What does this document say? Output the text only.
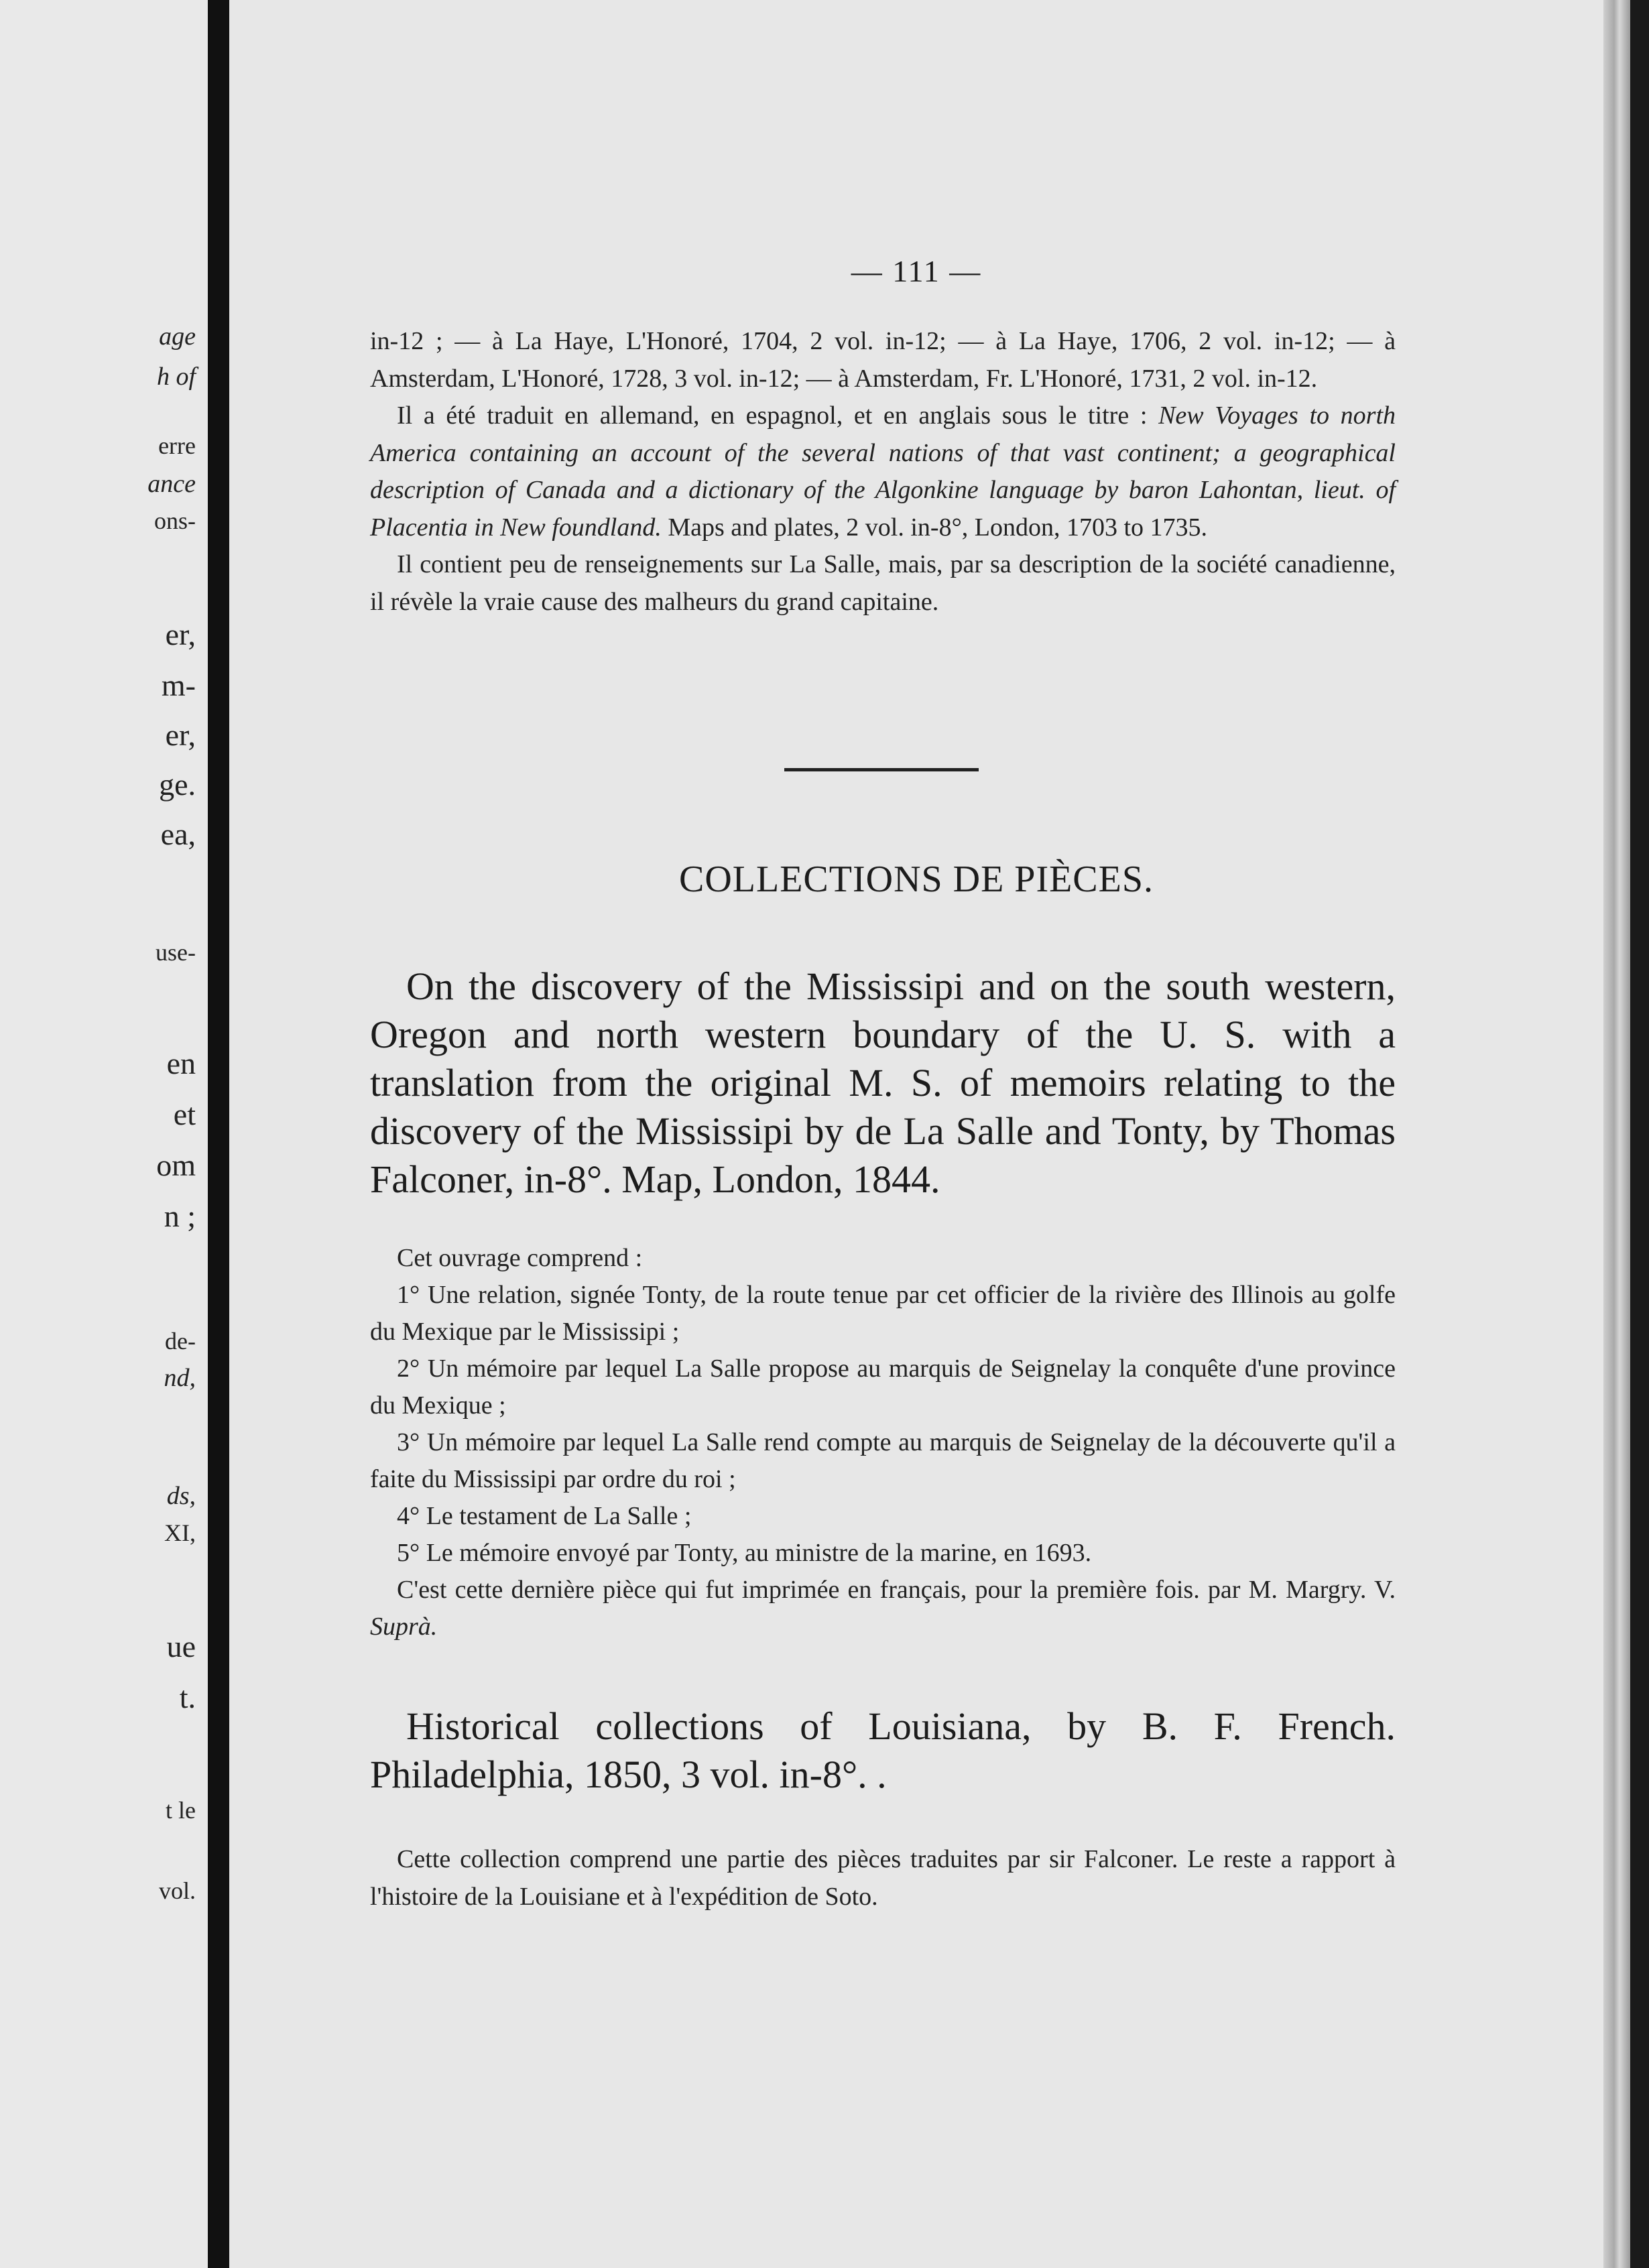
age
h of
erre
ance
ons-
er,
m-
er,
ge.
ea,
use-
en
et
om
n ;
de-
nd,
ds,
XI,
ue
t.
t le
vol.
— 111 —

in-12 ; — à La Haye, L'Honoré, 1704, 2 vol. in-12; — à La Haye, 1706, 2 vol. in-12; — à Amsterdam, L'Honoré, 1728, 3 vol. in-12; — à Amsterdam, Fr. L'Honoré, 1731, 2 vol. in-12.

Il a été traduit en allemand, en espagnol, et en anglais sous le titre : New Voyages to north America containing an account of the several nations of that vast continent; a geographical description of Canada and a dictionary of the Algonkine language by baron Lahontan, lieut. of Placentia in New foundland. Maps and plates, 2 vol. in-8°, London, 1703 to 1735.

Il contient peu de renseignements sur La Salle, mais, par sa description de la société canadienne, il révèle la vraie cause des malheurs du grand capitaine.

COLLECTIONS DE PIÈCES.

On the discovery of the Mississipi and on the south western, Oregon and north western boundary of the U. S. with a translation from the original M. S. of memoirs relating to the discovery of the Mississipi by de La Salle and Tonty, by Thomas Falconer, in-8°. Map, London, 1844.

Cet ouvrage comprend :

1° Une relation, signée Tonty, de la route tenue par cet officier de la rivière des Illinois au golfe du Mexique par le Mississipi ;

2° Un mémoire par lequel La Salle propose au marquis de Seignelay la conquête d'une province du Mexique ;

3° Un mémoire par lequel La Salle rend compte au marquis de Seignelay de la découverte qu'il a faite du Mississipi par ordre du roi ;

4° Le testament de La Salle ;

5° Le mémoire envoyé par Tonty, au ministre de la marine, en 1693.

C'est cette dernière pièce qui fut imprimée en français, pour la première fois. par M. Margry. V. Suprà.

Historical collections of Louisiana, by B. F. French. Philadelphia, 1850, 3 vol. in-8°. .

Cette collection comprend une partie des pièces traduites par sir Falconer. Le reste a rapport à l'histoire de la Louisiane et à l'expédition de Soto.
